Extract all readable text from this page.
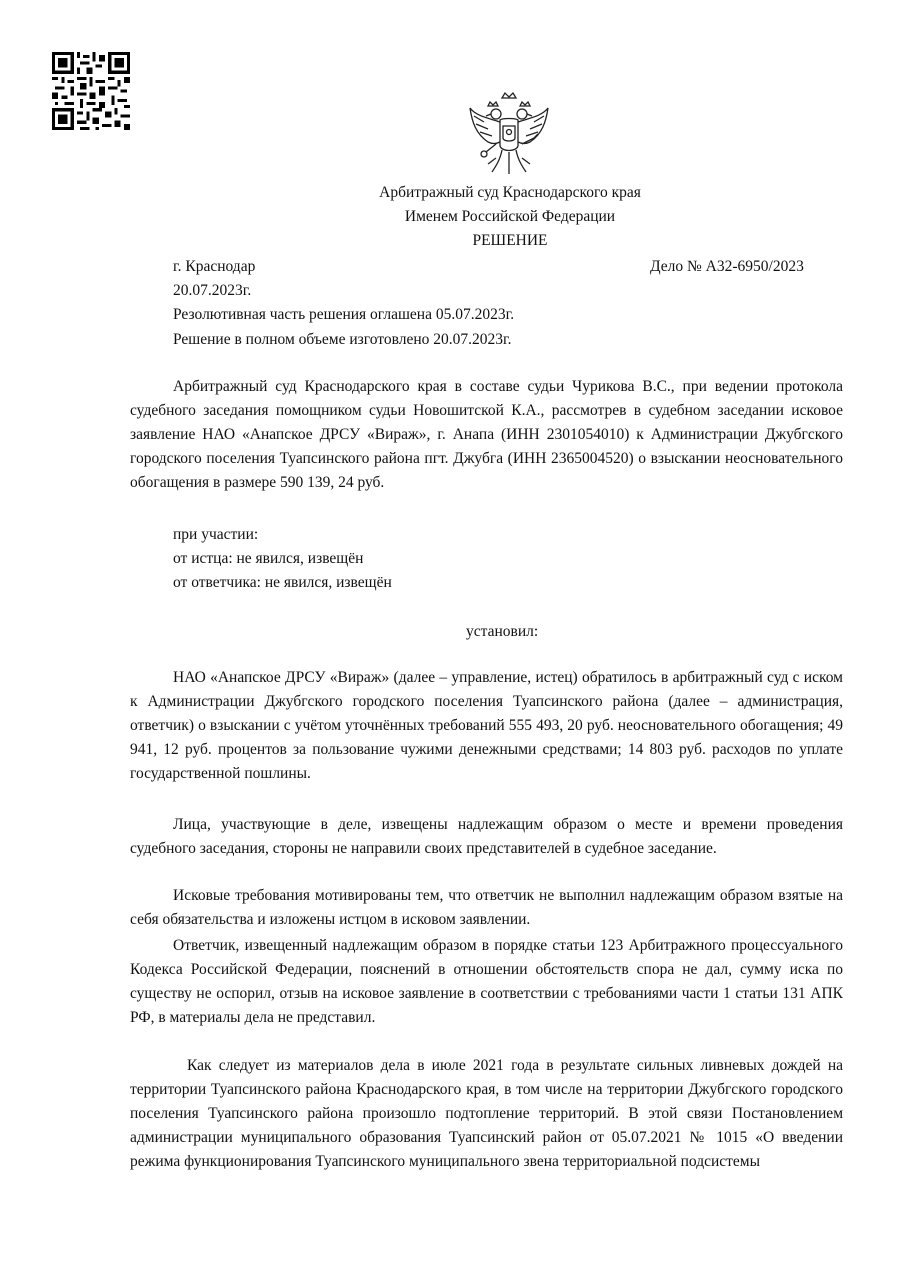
Арбитражный суд Краснодарского края
Именем Российской Федерации
РЕШЕНИЕ
г. Краснодар	Дело № А32-6950/2023
20.07.2023г.
Резолютивная часть решения оглашена 05.07.2023г.
Решение в полном объеме изготовлено 20.07.2023г.

Арбитражный суд Краснодарского края в составе судьи Чурикова В.С., при ведении протокола судебного заседания помощником судьи Новошитской К.А., рассмотрев в судебном заседании исковое заявление НАО «Анапское ДРСУ «Вираж», г. Анапа (ИНН 2301054010) к Администрации Джубгского городского поселения Туапсинского района пгт. Джубга (ИНН 2365004520) о взыскании неосновательного обогащения в размере 590 139, 24 руб.

при участии:
от истца: не явился, извещён
от ответчика: не явился, извещён
установил:

НАО «Анапское ДРСУ «Вираж» (далее – управление, истец) обратилось в арбитражный суд с иском к Администрации Джубгского городского поселения Туапсинского района (далее – администрация, ответчик) о взыскании с учётом уточнённых требований 555 493, 20 руб. неосновательного обогащения; 49 941, 12 руб. процентов за пользование чужими денежными средствами; 14 803 руб. расходов по уплате государственной пошлины.

Лица, участвующие в деле, извещены надлежащим образом о месте и времени проведения судебного заседания, стороны не направили своих представителей в судебное заседание.

Исковые требования мотивированы тем, что ответчик не выполнил надлежащим образом взятые на себя обязательства и изложены истцом в исковом заявлении.

Ответчик, извещенный надлежащим образом в порядке статьи 123 Арбитражного процессуального Кодекса Российской Федерации, пояснений в отношении обстоятельств спора не дал, сумму иска по существу не оспорил, отзыв на исковое заявление в соответствии с требованиями части 1 статьи 131 АПК РФ, в материалы дела не представил.

Как следует из материалов дела в июле 2021 года в результате сильных ливневых дождей на территории Туапсинского района Краснодарского края, в том числе на территории Джубгского городского поселения Туапсинского района произошло подтопление территорий. В этой связи Постановлением администрации муниципального образования Туапсинский район от 05.07.2021 № 1015 «О введении режима функционирования Туапсинского муниципального звена территориальной подсистемы
